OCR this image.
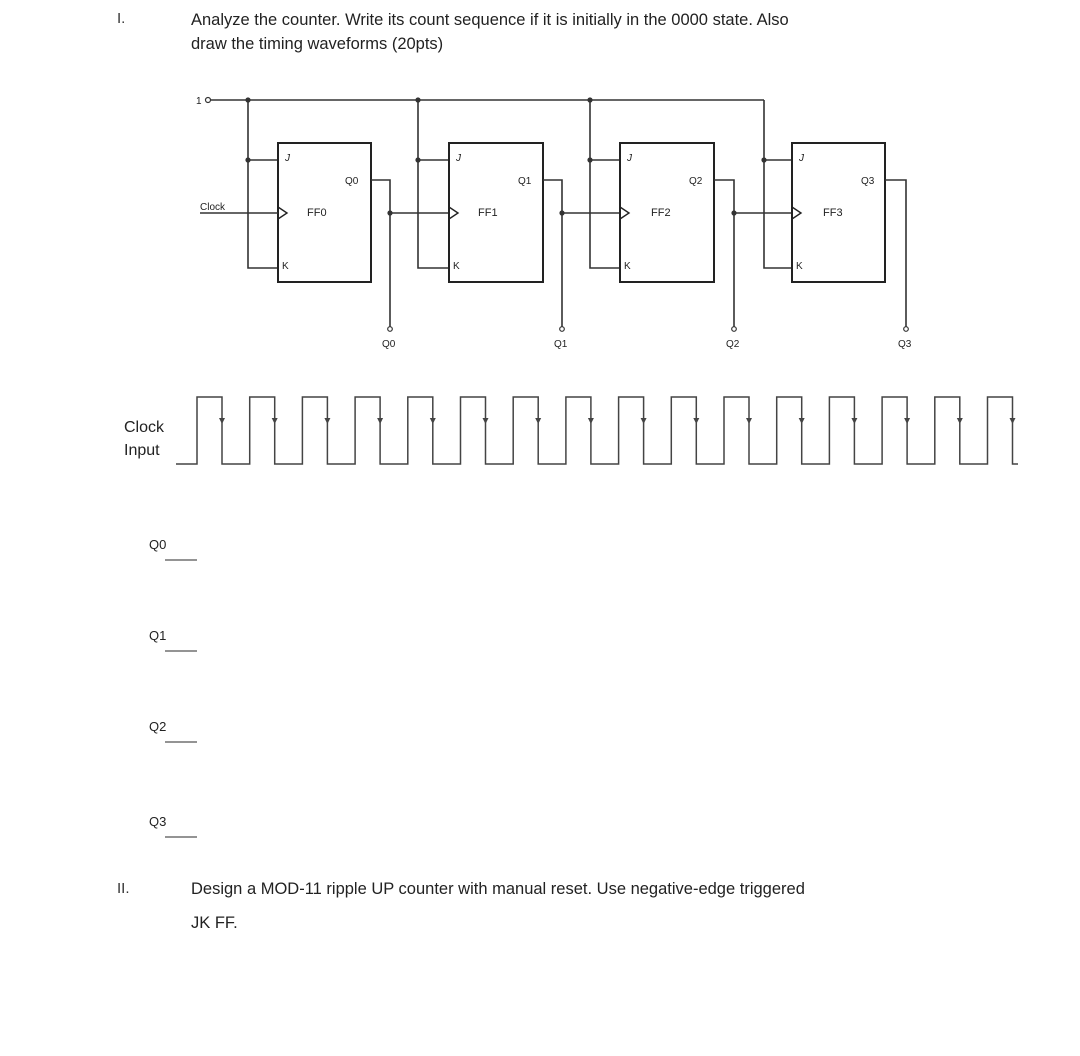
I.	Analyze the counter. Write its count sequence if it is initially in the 0000 state. Also
draw the timing waveforms (20pts)
1
J
K
FF0
Q0
Q0
Clock
J
K
FF1
Q1
Q1
J
K
FF2
Q2
Q2
J
K
FF3
Q3
Q3
Clock
Input
Q0
Q1
Q2
Q3
II.	Design a MOD-11 ripple UP counter with manual reset. Use negative-edge triggered
JK FF.
